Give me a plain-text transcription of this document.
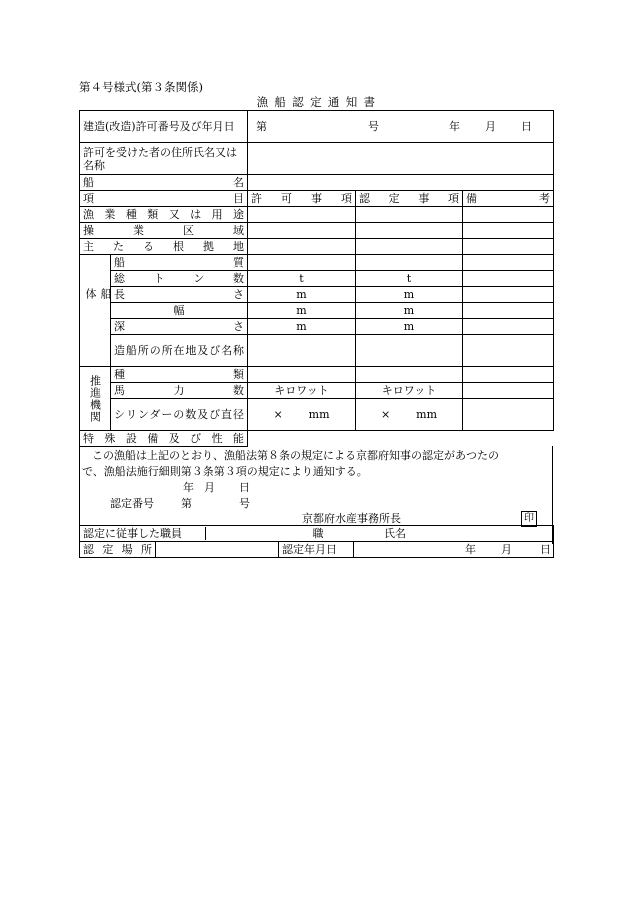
第４号様式(第３条関係)
漁船認定通知書
建造(改造)許可番号及び年月日		第 号 年 月 日		

許可を受けた者の住所氏名又は名称				

船 名				

項 目		許　可　事　項	認　定　事　項	備 考

漁業種類又は用途				
操業区域				
主たる根拠地				

船体	船 質			

	総 ト ン 数	t	t	

	長 さ	m	m	
	幅	m	m	

	深 さ	m	m	
	造船所の所在地及び名称			

推進機関	種 類			

	馬 力 数	キロワット	キロワット	
	シリンダーの数及び直径	× mm	× mm	
特殊設備及び性能				
この漁船は上記のとおり、漁船法第８条の規定による京都府知事の認定があつたの
で、漁船法施行細則第３条第３項の規定により通知する。
年 月 日
認定番号 第	号
京都府水産事務所長	印
認定に従事した職員		職 氏名	
認定場所		認定年月日	年 月 日
